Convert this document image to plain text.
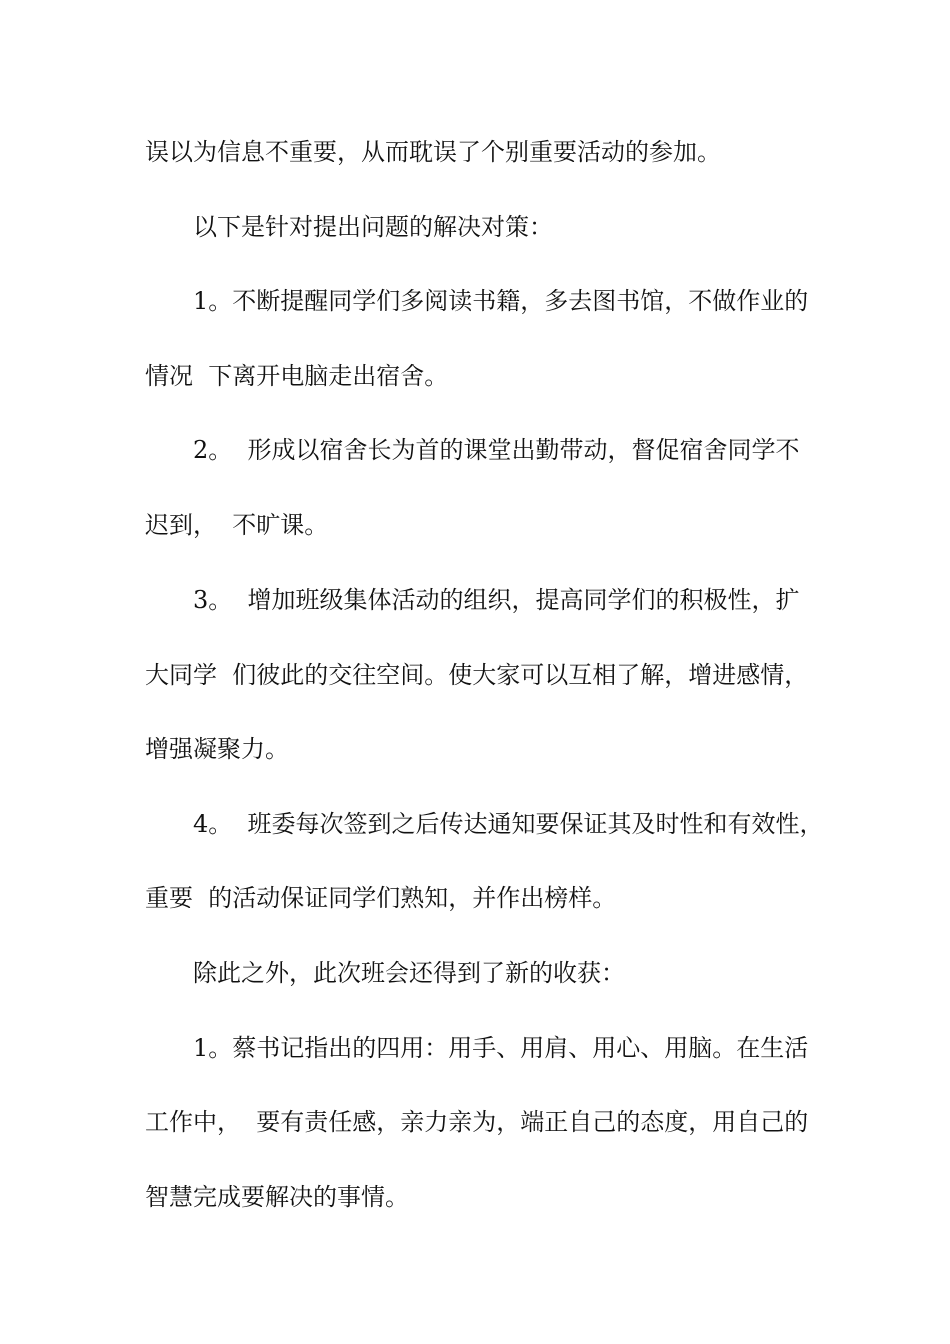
误以为信息不重要，从而耽误了个别重要活动的参加。

以下是针对提出问题的解决对策：

1。不断提醒同学们多阅读书籍，多去图书馆，不做作业的

情况  下离开电脑走出宿舍。

2。  形成以宿舍长为首的课堂出勤带动，督促宿舍同学不

迟到，  不旷课。

3。  增加班级集体活动的组织，提高同学们的积极性，扩

大同学  们彼此的交往空间。使大家可以互相了解，增进感情，

增强凝聚力。

4。  班委每次签到之后传达通知要保证其及时性和有效性，

重要  的活动保证同学们熟知，并作出榜样。

除此之外，此次班会还得到了新的收获：

1。蔡书记指出的四用：用手、用肩、用心、用脑。在生活

工作中，  要有责任感，亲力亲为，端正自己的态度，用自己的

智慧完成要解决的事情。
